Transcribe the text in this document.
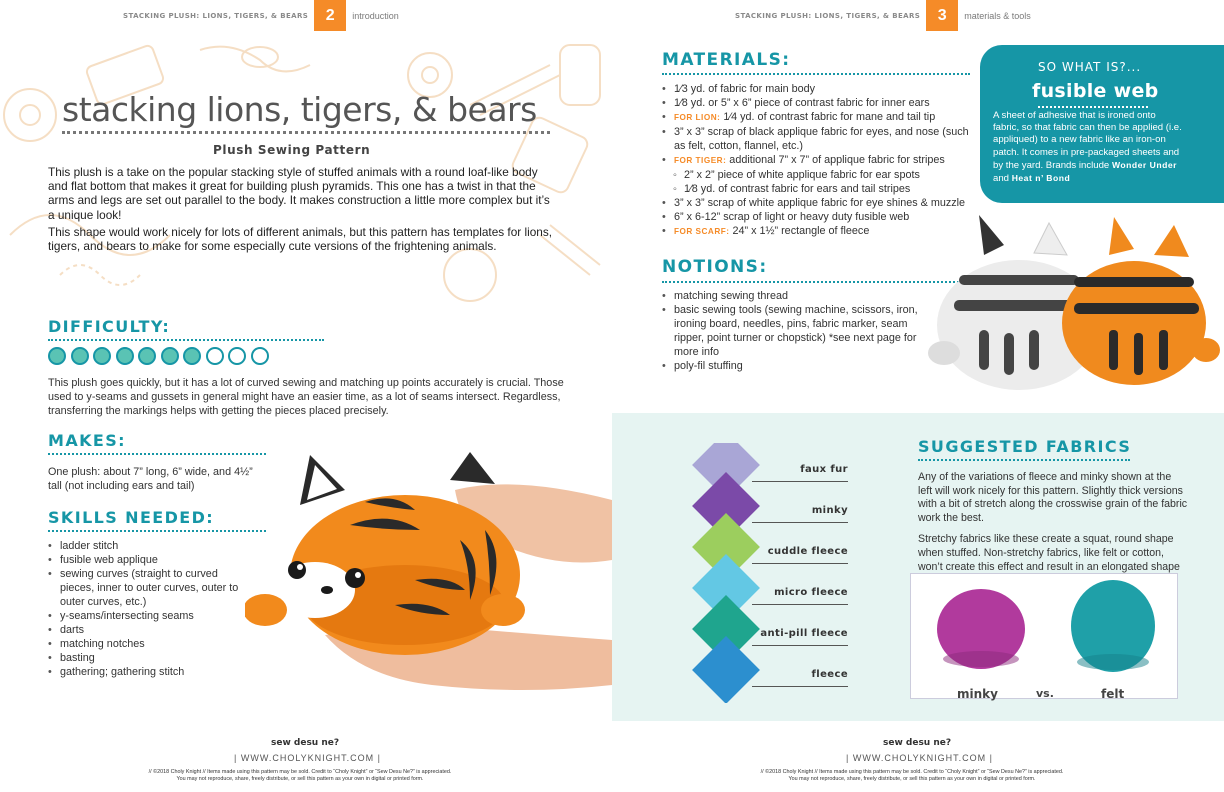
STACKING PLUSH: LIONS, TIGERS, & BEARS	2	introduction
stacking lions, tigers, & bears
Plush Sewing Pattern

This plush is a take on the popular stacking style of stuffed animals with a round loaf-like body and flat bottom that makes it great for building plush pyramids. This one has a twist in that the arms and legs are set out parallel to the body. It makes construction a little more complex but it’s a unique look!

This shape would work nicely for lots of different animals, but this pattern has templates for lions, tigers, and bears to make for some especially cute versions of the frightening animals.

DIFFICULTY:
This plush goes quickly, but it has a lot of curved sewing and matching up points accurately is crucial. Those used to y-seams and gussets in general might have an easier time, as a lot of seams intersect. Regardless, transferring the markings helps with getting the pieces placed precisely.
MAKES:
One plush: about 7” long, 6” wide, and 4½” tall (not including ears and tail)
SKILLS NEEDED:
• ladder stitch
• fusible web applique
• sewing curves (straight to curved pieces, inner to outer curves, outer to outer curves, etc.)
• y-seams/intersecting seams
• darts
• matching notches
• basting
• gathering; gathering stitch
sew desu ne?
| WWW.CHOLYKNIGHT.COM |
// ©2018 Choly Knight // Items made using this pattern may be sold. Credit to “Choly Knight” or “Sew Desu Ne?” is appreciated.
You may not reproduce, share, freely distribute, or sell this pattern as your own in digital or printed form.
STACKING PLUSH: LIONS, TIGERS, & BEARS	3	materials & tools
MATERIALS:
• 1⁄3 yd. of fabric for main body
• 1⁄8 yd. or 5” x 6” piece of contrast fabric for inner ears
• FOR LION: 1⁄4 yd. of contrast fabric for mane and tail tip
• 3” x 3” scrap of black applique fabric for eyes, and nose (such as felt, cotton, flannel, etc.)
• FOR TIGER: additional 7” x 7” of applique fabric for stripes
◦ 2” x 2” piece of white applique fabric for ear spots
◦ 1⁄8 yd. of contrast fabric for ears and tail stripes
• 3” x 3” scrap of white applique fabric for eye shines & muzzle
• 6” x 6-12” scrap of light or heavy duty fusible web
• FOR SCARF: 24” x 1½” rectangle of fleece
NOTIONS:
• matching sewing thread
• basic sewing tools (sewing machine, scissors, iron, ironing board, needles, pins, fabric marker, seam ripper, point turner or chopstick) *see next page for more info
• poly-fil stuffing
SO WHAT IS?...
fusible web
A sheet of adhesive that is ironed onto fabric, so that fabric can then be applied (i.e. appliqued) to a new fabric like an iron-on patch. It comes in pre-packaged sheets and by the yard. Brands include Wonder Under
and Heat n’ Bond
faux fur
minky
cuddle fleece
micro fleece
anti-pill fleece
fleece
SUGGESTED FABRICS

Any of the variations of fleece and minky shown at the left will work nicely for this pattern. Slightly thick versions with a bit of stretch along the crosswise grain of the fabric work the best.

Stretchy fabrics like these create a squat, round shape when stuffed. Non-stretchy fabrics, like felt or cotton, won’t create this effect and result in an elongated shape

minky	vs.	felt
sew desu ne?
| WWW.CHOLYKNIGHT.COM |
// ©2018 Choly Knight // Items made using this pattern may be sold. Credit to “Choly Knight” or “Sew Desu Ne?” is appreciated.
You may not reproduce, share, freely distribute, or sell this pattern as your own in digital or printed form.
